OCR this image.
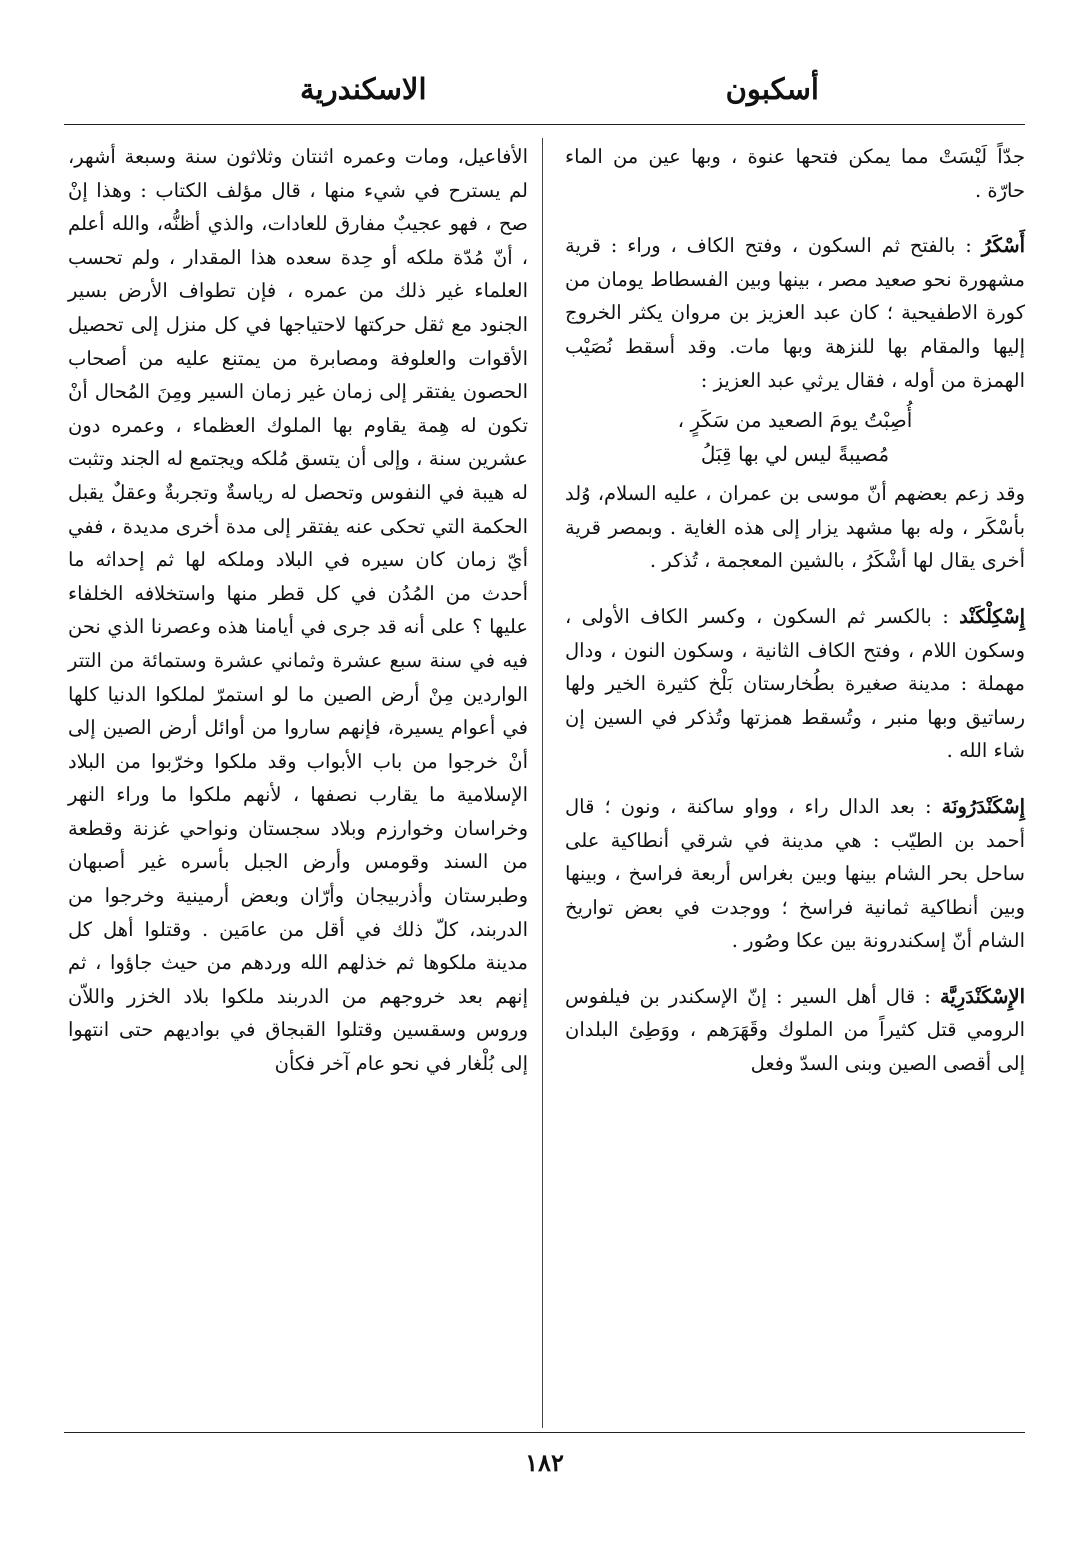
أسكبون
الاسكندرية

جدّاً لَيْسَتْ مما يمكن فتحها عنوة ، وبها عين من الماء حارّة .

أَسْكَرُ : بالفتح ثم السكون ، وفتح الكاف ، وراء : قرية مشهورة نحو صعيد مصر ، بينها وبين الفسطاط يومان من كورة الاطفيحية ؛ كان عبد العزيز بن مروان يكثر الخروج إليها والمقام بها للنزهة وبها مات. وقد أسقط نُصَيْب الهمزة من أوله ، فقال يرثي عبد العزيز :

أُصِبْتُ يومَ الصعيد من سَكَرٍ ،
مُصيبةً ليس لي بها قِبَلُ

وقد زعم بعضهم أنّ موسى بن عمران ، عليه السلام، وُلد بأسْكَر ، وله بها مشهد يزار إلى هذه الغاية . وبمصر قرية أخرى يقال لها أشْكَرُ ، بالشين المعجمة ، تُذكر .

إِسْكِلْكَنْد : بالكسر ثم السكون ، وكسر الكاف الأولى ، وسكون اللام ، وفتح الكاف الثانية ، وسكون النون ، ودال مهملة : مدينة صغيرة بطُخارستان بَلْخ كثيرة الخير ولها رساتيق وبها منبر ، وتُسقط همزتها وتُذكر في السين إن شاء الله .

إِسْكَنْدَرُونَة : بعد الدال راء ، وواو ساكنة ، ونون ؛ قال أحمد بن الطيّب : هي مدينة في شرقي أنطاكية على ساحل بحر الشام بينها وبين بغراس أربعة فراسخ ، وبينها وبين أنطاكية ثمانية فراسخ ؛ ووجدت في بعض تواريخ الشام أنّ إسكندرونة بين عكا وصُور .

الإِسْكَنْدَرِيَّة : قال أهل السير : إنّ الإسكندر بن فيلفوس الرومي قتل كثيراً من الملوك وقَهَرَهم ، ووَطِئ البلدان إلى أقصى الصين وبنى السدّ وفعل

الأفاعيل، ومات وعمره اثنتان وثلاثون سنة وسبعة أشهر، لم يسترح في شيء منها ، قال مؤلف الكتاب : وهذا إنْ صح ، فهو عجيبٌ مفارق للعادات، والذي أظنُّه، والله أعلم ، أنّ مُدّة ملكه أو حِدة سعده هذا المقدار ، ولم تحسب العلماء غير ذلك من عمره ، فإن تطواف الأرض بسير الجنود مع ثقل حركتها لاحتياجها في كل منزل إلى تحصيل الأقوات والعلوفة ومصابرة من يمتنع عليه من أصحاب الحصون يفتقر إلى زمان غير زمان السير ومِنَ المُحال أنْ تكون له هِمة يقاوم بها الملوك العظماء ، وعمره دون عشرين سنة ، وإلى أن يتسق مُلكه ويجتمع له الجند وتثبت له هيبة في النفوس وتحصل له رياسةٌ وتجربةٌ وعقلٌ يقبل الحكمة التي تحكى عنه يفتقر إلى مدة أخرى مديدة ، ففي أيّ زمان كان سيره في البلاد وملكه لها ثم إحداثه ما أحدث من المُدُن في كل قطر منها واستخلافه الخلفاء عليها ؟ على أنه قد جرى في أيامنا هذه وعصرنا الذي نحن فيه في سنة سبع عشرة وثماني عشرة وستمائة من التتر الواردين مِنْ أرض الصين ما لو استمرّ لملكوا الدنيا كلها في أعوام يسيرة، فإنهم ساروا من أوائل أرض الصين إلى أنْ خرجوا من باب الأبواب وقد ملكوا وخرّبوا من البلاد الإسلامية ما يقارب نصفها ، لأنهم ملكوا ما وراء النهر وخراسان وخوارزم وبلاد سجستان ونواحي غزنة وقطعة من السند وقومس وأرض الجبل بأسره غير أصبهان وطبرستان وأذربيجان وأرّان وبعض أرمينية وخرجوا من الدربند، كلّ ذلك في أقل من عامَين . وقتلوا أهل كل مدينة ملكوها ثم خذلهم الله وردهم من حيث جاؤوا ، ثم إنهم بعد خروجهم من الدربند ملكوا بلاد الخزر واللاّن وروس وسقسين وقتلوا القبجاق في بواديهم حتى انتهوا إلى بُلْغار في نحو عام آخر فكأن

١٨٢
